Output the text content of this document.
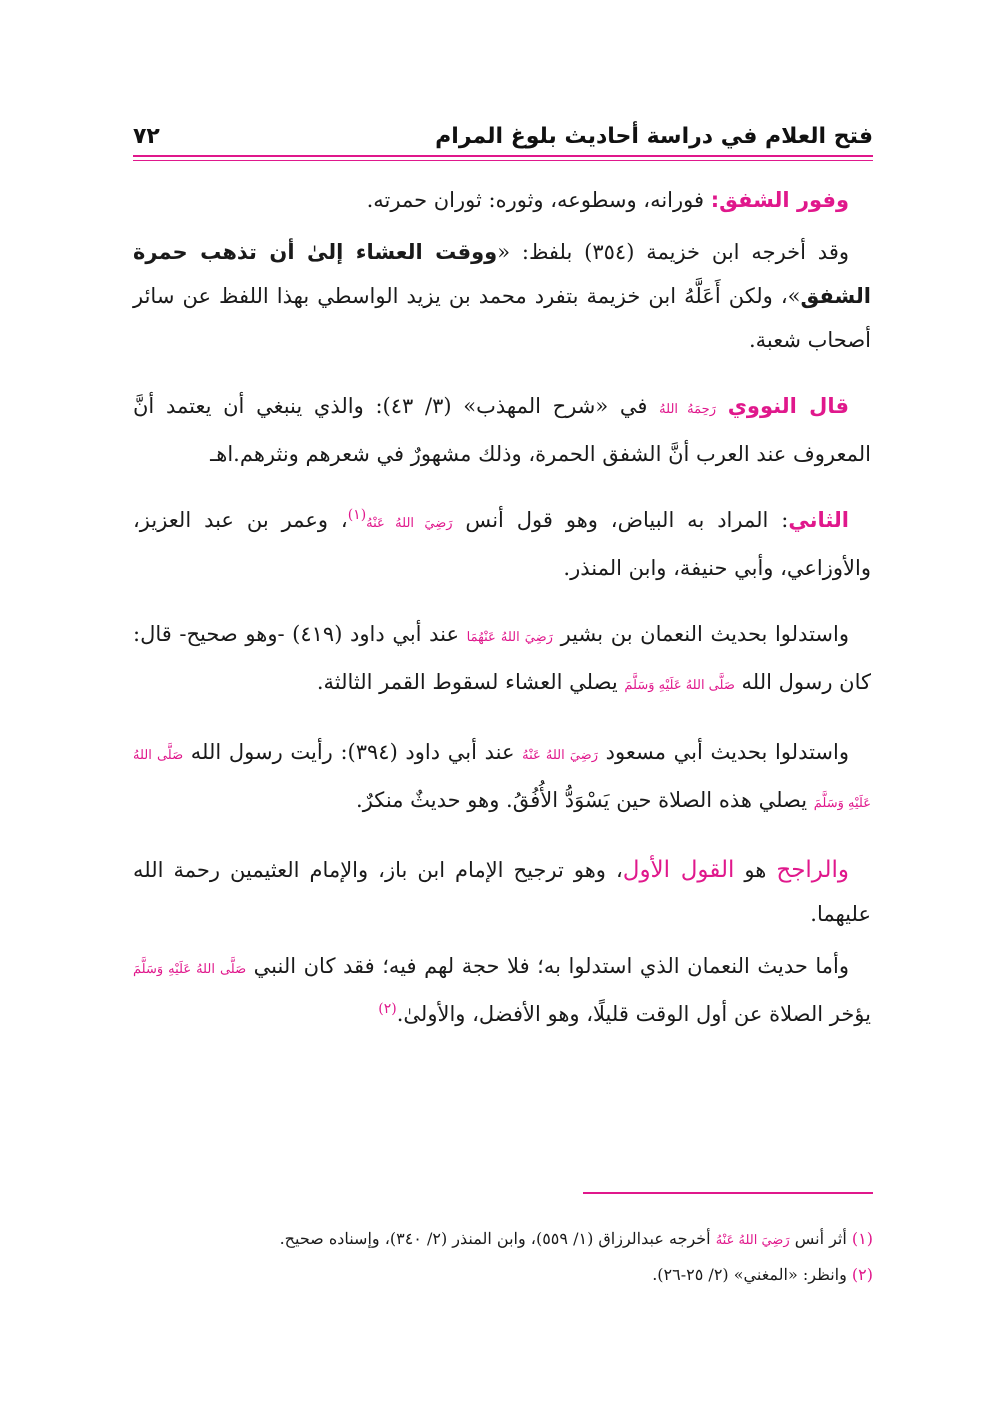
فتح العلام في دراسة أحاديث بلوغ المرام
٧٢

وفور الشفق: فورانه، وسطوعه، وثوره: ثوران حمرته.

وقد أخرجه ابن خزيمة (٣٥٤) بلفظ: «ووقت العشاء إلىٰ أن تذهب حمرة الشفق»، ولكن أَعَلَّهُ ابن خزيمة بتفرد محمد بن يزيد الواسطي بهذا اللفظ عن سائر أصحاب شعبة.

قال النووي رَحِمَهُ اللهُ في «شرح المهذب» (٣/ ٤٣): والذي ينبغي أن يعتمد أنَّ المعروف عند العرب أنَّ الشفق الحمرة، وذلك مشهورٌ في شعرهم ونثرهم.اهـ

الثاني: المراد به البياض، وهو قول أنس رَضِيَ اللهُ عَنْهُ$^{(١)}$، وعمر بن عبد العزيز، والأوزاعي، وأبي حنيفة، وابن المنذر.

واستدلوا بحديث النعمان بن بشير رَضِيَ اللهُ عَنْهُمَا عند أبي داود (٤١٩) -وهو صحيح- قال: كان رسول الله صَلَّى اللهُ عَلَيْهِ وَسَلَّمَ يصلي العشاء لسقوط القمر الثالثة.

واستدلوا بحديث أبي مسعود رَضِيَ اللهُ عَنْهُ عند أبي داود (٣٩٤): رأيت رسول الله صَلَّى اللهُ عَلَيْهِ وَسَلَّمَ يصلي هذه الصلاة حين يَسْوَدُّ الأُفُقُ. وهو حديثٌ منكرٌ.

والراجح هو القول الأول، وهو ترجيح الإمام ابن باز، والإمام العثيمين رحمة الله عليهما.

وأما حديث النعمان الذي استدلوا به؛ فلا حجة لهم فيه؛ فقد كان النبي صَلَّى اللهُ عَلَيْهِ وَسَلَّمَ يؤخر الصلاة عن أول الوقت قليلًا، وهو الأفضل، والأولىٰ.$^{(٢)}$

(١) أثر أنس رَضِيَ اللهُ عَنْهُ أخرجه عبدالرزاق (١/ ٥٥٩)، وابن المنذر (٢/ ٣٤٠)، وإسناده صحيح.

(٢) وانظر: «المغني» (٢/ ٢٥-٢٦).
